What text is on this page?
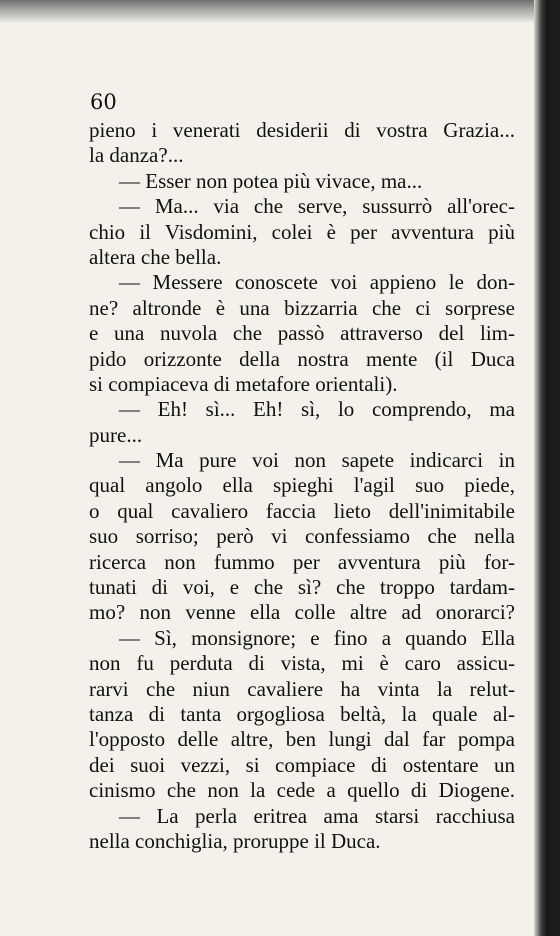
60
pieno i venerati desiderii di vostra Grazia...
la danza?...
— Esser non potea più vivace, ma...
— Ma... via che serve, sussurrò all'orec-
chio il Visdomini, colei è per avventura più
altera che bella.
— Messere conoscete voi appieno le don-
ne? altronde è una bizzarria che ci sorprese
e una nuvola che passò attraverso del lim-
pido orizzonte della nostra mente (il Duca
si compiaceva di metafore orientali).
— Eh! sì... Eh! sì, lo comprendo, ma
pure...
— Ma pure voi non sapete indicarci in
qual angolo ella spieghi l'agil suo piede,
o qual cavaliero faccia lieto dell'inimitabile
suo sorriso; però vi confessiamo che nella
ricerca non fummo per avventura più for-
tunati di voi, e che sì? che troppo tardam-
mo? non venne ella colle altre ad onorarci?
— Sì, monsignore; e fino a quando Ella
non fu perduta di vista, mi è caro assicu-
rarvi che niun cavaliere ha vinta la relut-
tanza di tanta orgogliosa beltà, la quale al-
l'opposto delle altre, ben lungi dal far pompa
dei suoi vezzi, si compiace di ostentare un
cinismo che non la cede a quello di Diogene.
— La perla eritrea ama starsi racchiusa
nella conchiglia, proruppe il Duca.
